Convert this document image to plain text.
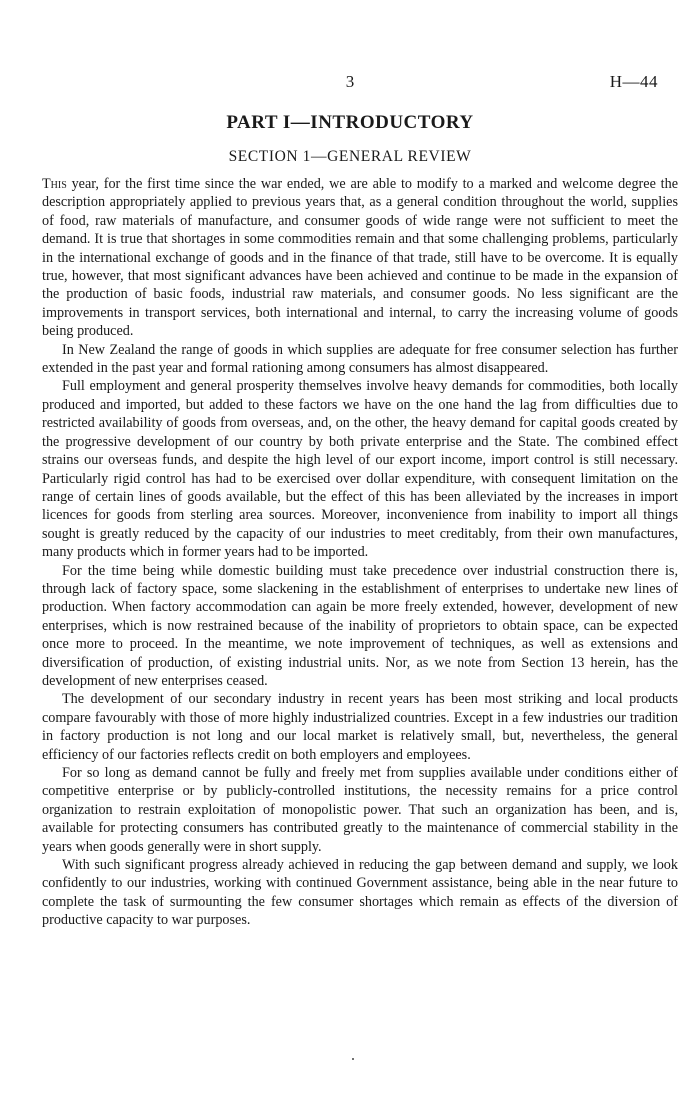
3	H—44
PART I—INTRODUCTORY
SECTION 1—GENERAL REVIEW

This year, for the first time since the war ended, we are able to modify to a marked and welcome degree the description appropriately applied to previous years that, as a general condition throughout the world, supplies of food, raw materials of manufacture, and consumer goods of wide range were not sufficient to meet the demand. It is true that shortages in some commodities remain and that some challenging problems, particularly in the international exchange of goods and in the finance of that trade, still have to be overcome. It is equally true, however, that most significant advances have been achieved and continue to be made in the expansion of the production of basic foods, industrial raw materials, and consumer goods. No less significant are the improvements in transport services, both international and internal, to carry the increasing volume of goods being produced.

In New Zealand the range of goods in which supplies are adequate for free consumer selection has further extended in the past year and formal rationing among consumers has almost disappeared.

Full employment and general prosperity themselves involve heavy demands for commodities, both locally produced and imported, but added to these factors we have on the one hand the lag from difficulties due to restricted availability of goods from overseas, and, on the other, the heavy demand for capital goods created by the progressive development of our country by both private enterprise and the State. The combined effect strains our overseas funds, and despite the high level of our export income, import control is still necessary. Particularly rigid control has had to be exercised over dollar expenditure, with consequent limitation on the range of certain lines of goods available, but the effect of this has been alleviated by the increases in import licences for goods from sterling area sources. Moreover, inconvenience from inability to import all things sought is greatly reduced by the capacity of our industries to meet creditably, from their own manufactures, many products which in former years had to be imported.

For the time being while domestic building must take precedence over industrial construction there is, through lack of factory space, some slackening in the establishment of enterprises to undertake new lines of production. When factory accommodation can again be more freely extended, however, development of new enterprises, which is now restrained because of the inability of proprietors to obtain space, can be expected once more to proceed. In the meantime, we note improvement of techniques, as well as extensions and diversification of production, of existing industrial units. Nor, as we note from Section 13 herein, has the development of new enterprises ceased.

The development of our secondary industry in recent years has been most striking and local products compare favourably with those of more highly industrialized countries. Except in a few industries our tradition in factory production is not long and our local market is relatively small, but, nevertheless, the general efficiency of our factories reflects credit on both employers and employees.

For so long as demand cannot be fully and freely met from supplies available under conditions either of competitive enterprise or by publicly-controlled institutions, the necessity remains for a price control organization to restrain exploitation of monopolistic power. That such an organization has been, and is, available for protecting consumers has contributed greatly to the maintenance of commercial stability in the years when goods generally were in short supply.

With such significant progress already achieved in reducing the gap between demand and supply, we look confidently to our industries, working with continued Government assistance, being able in the near future to complete the task of surmounting the few consumer shortages which remain as effects of the diversion of productive capacity to war purposes.
